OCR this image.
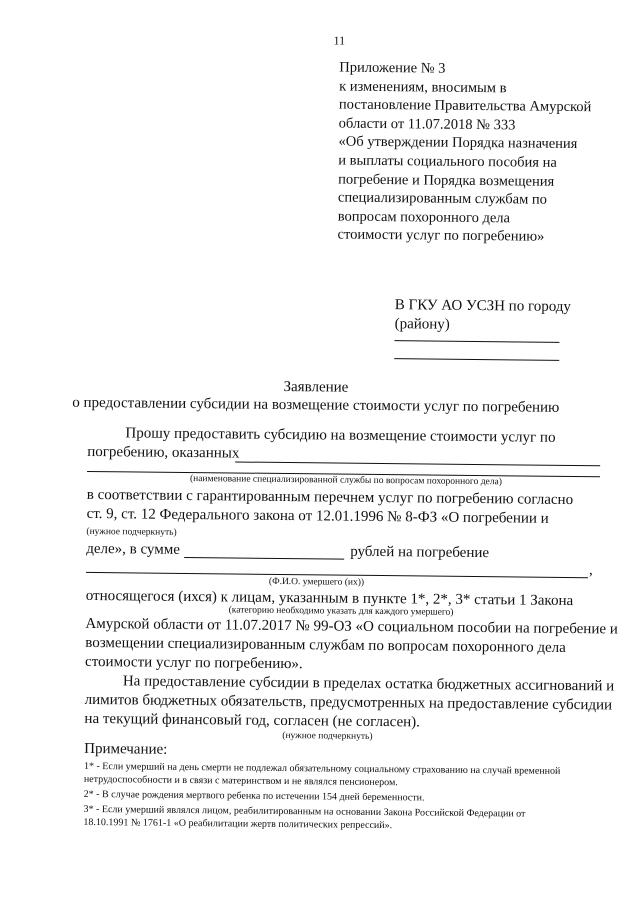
11
Приложение № 3
к изменениям, вносимым в
постановление Правительства Амурской
области от 11.07.2018 № 333
«Об утверждении Порядка назначения
и выплаты социального пособия на
погребение и Порядка возмещения
специализированным службам по
вопросам похоронного дела
стоимости услуг по погребению»
В ГКУ АО УСЗН по городу
(району)
Заявление
о предоставлении субсидии на возмещение стоимости услуг по погребению
Прошу предоставить субсидию на возмещение стоимости услуг по
погребению, оказанных
(наименование специализированной службы по вопросам похоронного дела)
в соответствии с гарантированным перечнем услуг по погребению согласно
ст. 9, ст. 12 Федерального закона от 12.01.1996 № 8-ФЗ «О погребении и
(нужное подчеркнуть)
деле», в сумме	рублей на погребение
,
(Ф.И.О. умершего (их))
относящегося (ихся) к лицам, указанным в пункте 1*, 2*, 3* статьи 1 Закона
(категорию необходимо указать для каждого умершего)
Амурской области от 11.07.2017 № 99-ОЗ «О социальном пособии на погребение и
возмещении специализированным службам по вопросам похоронного дела
стоимости услуг по погребению».
На предоставление субсидии в пределах остатка бюджетных ассигнований и
лимитов бюджетных обязательств, предусмотренных на предоставление субсидии
на текущий финансовый год, согласен (не согласен).
(нужное подчеркнуть)
Примечание:
1* - Если умерший на день смерти не подлежал обязательному социальному страхованию на случай временной
нетрудоспособности и в связи с материнством и не являлся пенсионером.
2* - В случае рождения мертвого ребенка по истечении 154 дней беременности.
3* - Если умерший являлся лицом, реабилитированным на основании Закона Российской Федерации от
18.10.1991 № 1761-1 «О реабилитации жертв политических репрессий».
